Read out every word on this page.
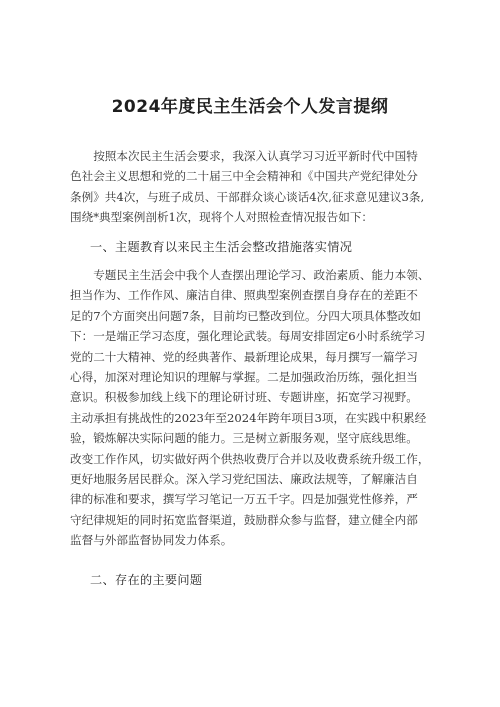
2024年度民主生活会个人发言提纲
按照本次民主生活会要求，我深入认真学习习近平新时代中国特
色社会主义思想和党的二十届三中全会精神和《中国共产党纪律处分
条例》共4次，与班子成员、干部群众谈心谈话4次,征求意见建议3条,
围绕*典型案例剖析1次，现将个人对照检查情况报告如下：
一、主题教育以来民主生活会整改措施落实情况
专题民主生活会中我个人查摆出理论学习、政治素质、能力本领、
担当作为、工作作风、廉洁自律、照典型案例查摆自身存在的差距不
足的7个方面突出问题7条，目前均已整改到位。分四大项具体整改如
下：一是端正学习态度，强化理论武装。每周安排固定6小时系统学习
党的二十大精神、党的经典著作、最新理论成果，每月撰写一篇学习
心得，加深对理论知识的理解与掌握。二是加强政治历练，强化担当
意识。积极参加线上线下的理论研讨班、专题讲座，拓宽学习视野。
主动承担有挑战性的2023年至2024年跨年项目3项，在实践中积累经
验，锻炼解决实际问题的能力。三是树立新服务观，坚守底线思维。
改变工作作风，切实做好两个供热收费厅合并以及收费系统升级工作，
更好地服务居民群众。深入学习党纪国法、廉政法规等，了解廉洁自
律的标准和要求，撰写学习笔记一万五千字。四是加强党性修养，严
守纪律规矩的同时拓宽监督渠道，鼓励群众参与监督，建立健全内部
监督与外部监督协同发力体系。
二、存在的主要问题
